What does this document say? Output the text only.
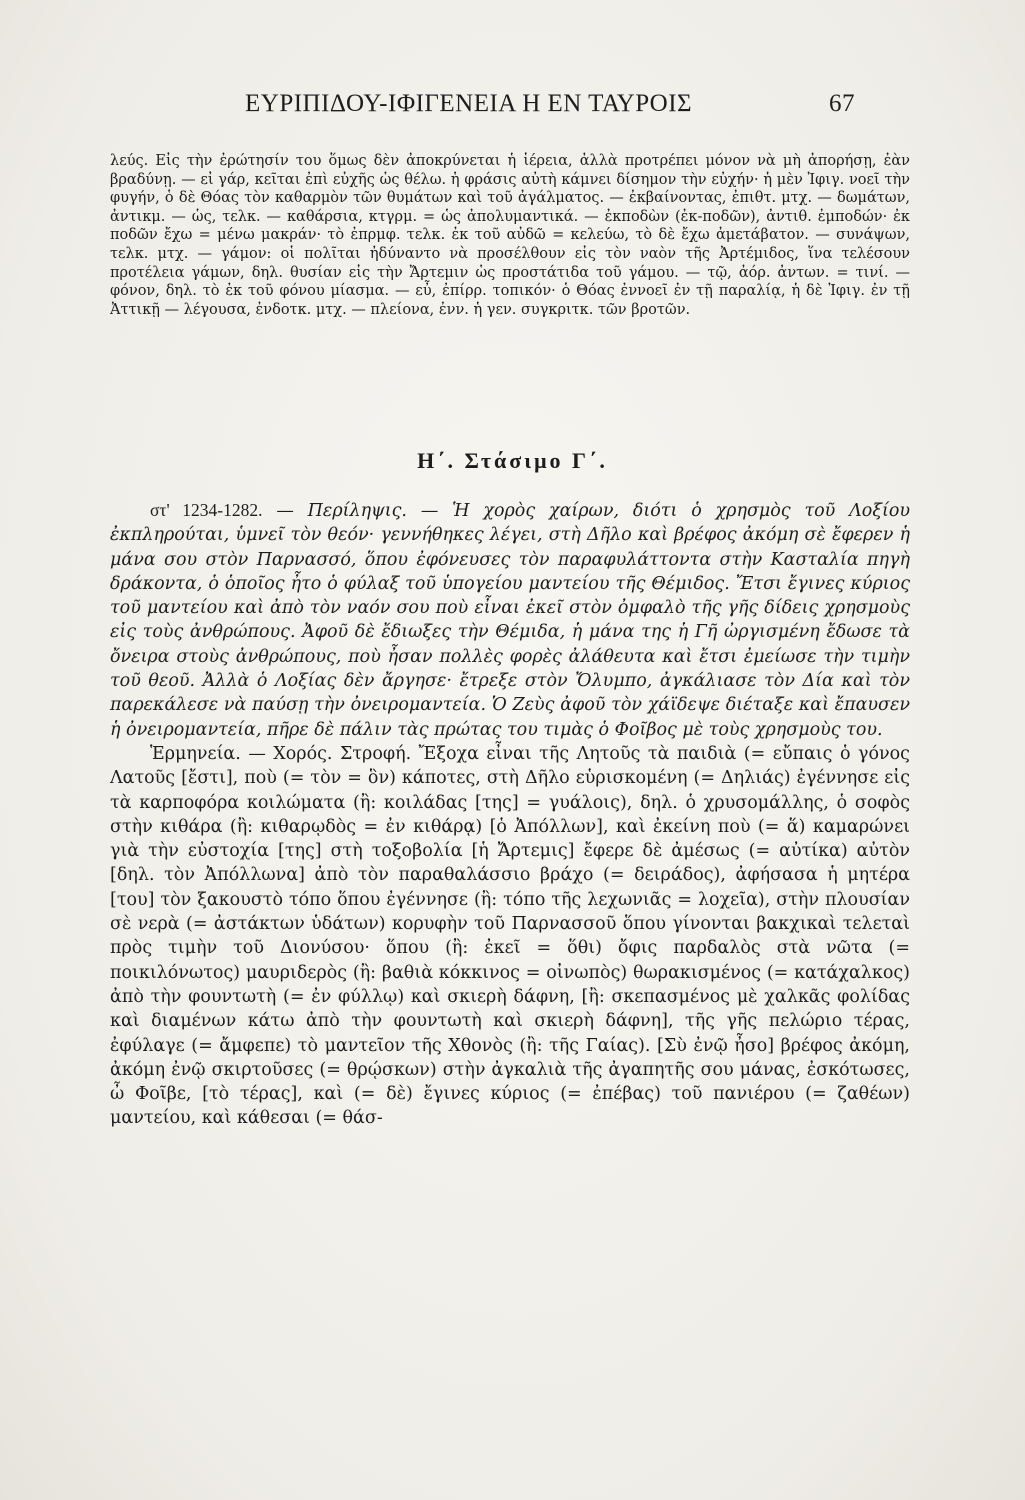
ΕΥΡΙΠΙΔΟΥ-ΙΦΙΓΕΝΕΙΑ Η ΕΝ ΤΑΥΡΟΙΣ	67

λεύς. Εἰς τὴν ἐρώτησίν του ὅμως δὲν ἀποκρύνεται ἡ ἱέρεια, ἀλλὰ προτρέπει μόνον νὰ μὴ ἀπορήσῃ, ἐὰν βραδύνῃ. — εἰ γάρ, κεῖται ἐπὶ εὐχῆς ὡς θέλω. ἡ φράσις αὐτὴ κάμνει δίσημον τὴν εὐχήν· ἡ μὲν Ἰφιγ. νοεῖ τὴν φυγήν, ὁ δὲ Θόας τὸν καθαρμὸν τῶν θυμάτων καὶ τοῦ ἀγάλματος. — ἐκβαίνοντας, ἐπιθτ. μτχ. — δωμάτων, ἀντικμ. — ὡς, τελκ. — καθάρσια, κτγρμ. = ὡς ἀπολυμαντικά. — ἐκποδὼν (ἐκ-ποδῶν), ἀντιθ. ἐμποδών· ἐκ ποδῶν ἔχω = μένω μακράν· τὸ ἐπρμφ. τελκ. ἐκ τοῦ αὐδῶ = κελεύω, τὸ δὲ ἔχω ἀμετάβατον. — συνάψων, τελκ. μτχ. — γάμον: οἱ πολῖται ἠδύναντο νὰ προσέλθουν εἰς τὸν ναὸν τῆς Ἀρτέμιδος, ἵνα τελέσουν προτέλεια γάμων, δηλ. θυσίαν εἰς τὴν Ἄρτεμιν ὡς προστάτιδα τοῦ γάμου. — τῷ, ἀόρ. ἀντων. = τινί. — φόνον, δηλ. τὸ ἐκ τοῦ φόνου μίασμα. — εὖ, ἐπίρρ. τοπικόν· ὁ Θόας ἐννοεῖ ἐν τῇ παραλίᾳ, ἡ δὲ Ἰφιγ. ἐν τῇ Ἀττικῇ — λέγουσα, ἐνδοτκ. μτχ. — πλείονα, ἐνν. ἡ γεν. συγκριτκ. τῶν βροτῶν.

Η΄. Στάσιμο Γ΄.

στ' 1234-1282. — Περίληψις. — Ἡ χορὸς χαίρων, διότι ὁ χρησμὸς τοῦ Λοξίου ἐκπληρούται, ὑμνεῖ τὸν θεόν· γεννήθηκες λέγει, στὴ Δῆλο καὶ βρέφος ἀκόμη σὲ ἔφερεν ἡ μάνα σου στὸν Παρνασσό, ὅπου ἐφόνευσες τὸν παραφυλάττοντα στὴν Κασταλία πηγὴ δράκοντα, ὁ ὁποῖος ἦτο ὁ φύλαξ τοῦ ὑπογείου μαντείου τῆς Θέμιδος. Ἔτσι ἔγινες κύριος τοῦ μαντείου καὶ ἀπὸ τὸν ναόν σου ποὺ εἶναι ἐκεῖ στὸν ὀμφαλὸ τῆς γῆς δίδεις χρησμοὺς εἰς τοὺς ἀνθρώπους. Ἀφοῦ δὲ ἔδιωξες τὴν Θέμιδα, ἡ μάνα της ἡ Γῆ ὠργισμένη ἔδωσε τὰ ὄνειρα στοὺς ἀνθρώπους, ποὺ ἦσαν πολλὲς φορὲς ἀλάθευτα καὶ ἔτσι ἐμείωσε τὴν τιμὴν τοῦ θεοῦ. Ἀλλὰ ὁ Λοξίας δὲν ἄργησε· ἔτρεξε στὸν Ὄλυμπο, ἀγκάλιασε τὸν Δία καὶ τὸν παρεκάλεσε νὰ παύσῃ τὴν ὀνειρομαντεία. Ὁ Ζεὺς ἀφοῦ τὸν χάϊδεψε διέταξε καὶ ἔπαυσεν ἡ ὀνειρομαντεία, πῆρε δὲ πάλιν τὰς πρώτας του τιμὰς ὁ Φοῖβος μὲ τοὺς χρησμοὺς του.

Ἑρμηνεία. — Χορός. Στροφή. Ἔξοχα εἶναι τῆς Λητοῦς τὰ παιδιὰ (= εὔπαις ὁ γόνος Λατοῦς [ἔστι], ποὺ (= τὸν = ὃν) κάποτες, στὴ Δῆλο εὑρισκομένη (= Δηλιάς) ἐγέννησε εἰς τὰ καρποφόρα κοιλώματα (ἢ: κοιλάδας [της] = γυάλοις), δηλ. ὁ χρυσομάλλης, ὁ σοφὸς στὴν κιθάρα (ἢ: κιθαρῳδὸς = ἐν κιθάρᾳ) [ὁ Ἀπόλλων], καὶ ἐκείνη ποὺ (= ἅ) καμαρώνει γιὰ τὴν εὐστοχία [της] στὴ τοξοβολία [ἡ Ἄρτεμις] ἔφερε δὲ ἀμέσως (= αὐτίκα) αὐτὸν [δηλ. τὸν Ἀπόλλωνα] ἀπὸ τὸν παραθαλάσσιο βράχο (= δειράδος), ἀφήσασα ἡ μητέρα [του] τὸν ξακουστὸ τόπο ὅπου ἐγέννησε (ἢ: τόπο τῆς λεχωνιᾶς = λοχεῖα), στὴν πλουσίαν σὲ νερὰ (= ἀστάκτων ὑδάτων) κορυφὴν τοῦ Παρνασσοῦ ὅπου γίνονται βακχικαὶ τελεταὶ πρὸς τιμὴν τοῦ Διονύσου· ὅπου (ἢ: ἐκεῖ = ὅθι) ὄφις παρδαλὸς στὰ νῶτα (= ποικιλόνωτος) μαυριδερὸς (ἢ: βαθιὰ κόκκινος = οἰνωπὸς) θωρακισμένος (= κατάχαλκος) ἀπὸ τὴν φουντωτὴ (= ἐν φύλλῳ) καὶ σκιερὴ δάφνη, [ἢ: σκεπασμένος μὲ χαλκᾶς φολίδας καὶ διαμένων κάτω ἀπὸ τὴν φουντωτὴ καὶ σκιερὴ δάφνη], τῆς γῆς πελώριο τέρας, ἐφύλαγε (= ἄμφεπε) τὸ μαντεῖον τῆς Χθονὸς (ἢ: τῆς Γαίας). [Σὺ ἐνῷ ἦσο] βρέφος ἀκόμη, ἀκόμη ἐνῷ σκιρτοῦσες (= θρῴσκων) στὴν ἀγκαλιὰ τῆς ἀγαπητῆς σου μάνας, ἐσκότωσες, ὦ Φοῖβε, [τὸ τέρας], καὶ (= δὲ) ἔγινες κύριος (= ἐπέβας) τοῦ πανιέρου (= ζαθέων) μαντείου, καὶ κάθεσαι (= θάσ-
